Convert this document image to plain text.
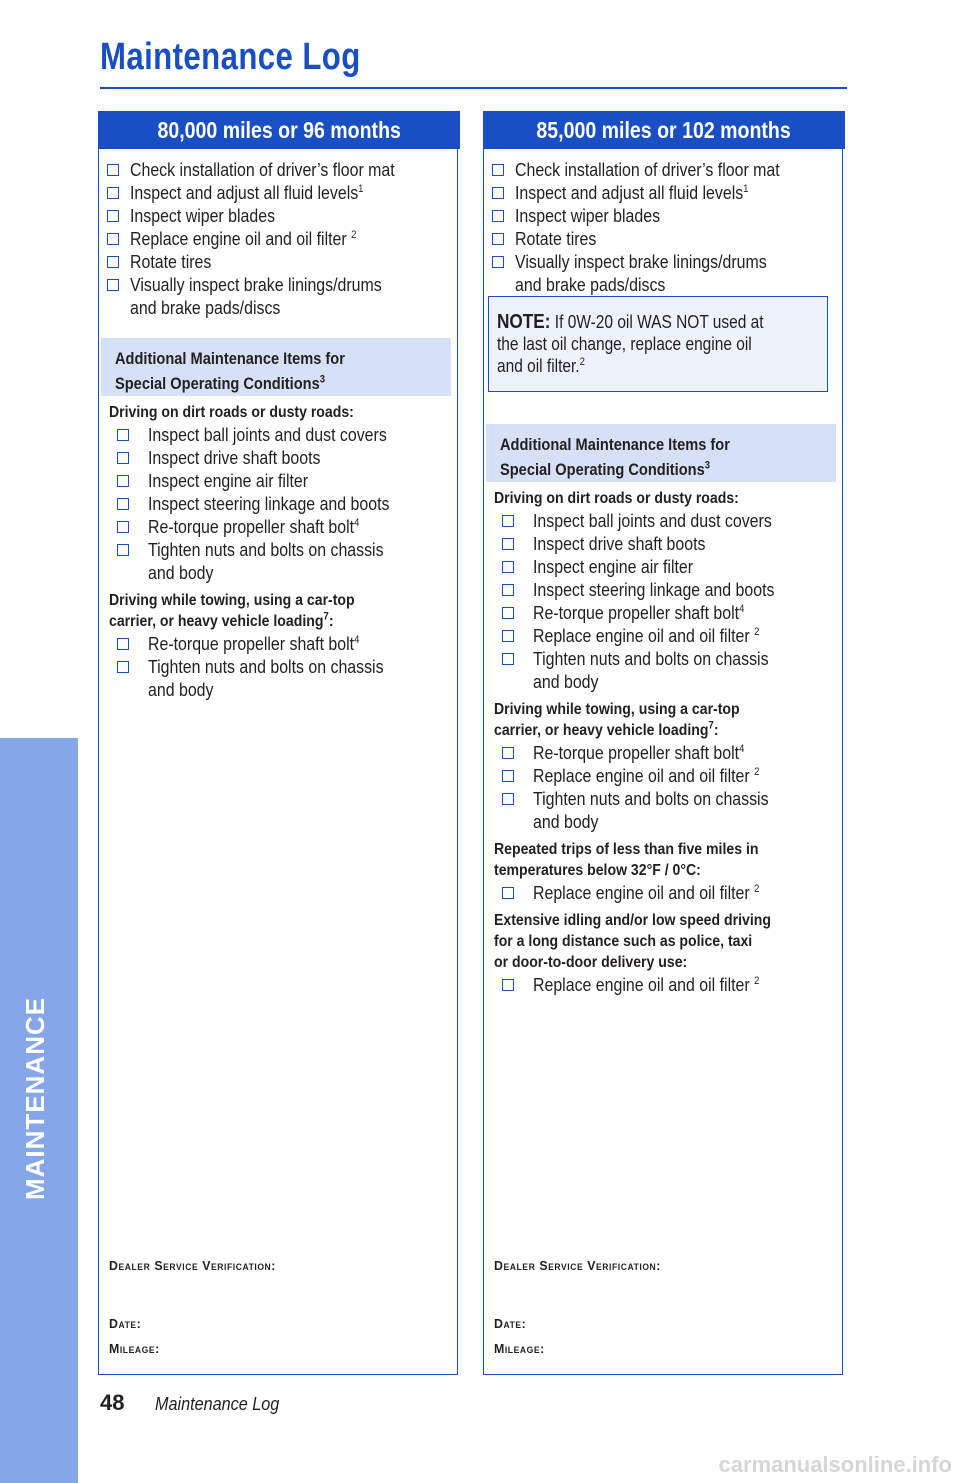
Maintenance Log
MAINTENANCE
80,000 miles or 96 months
Check installation of driver’s floor mat
Inspect and adjust all fluid levels$^1$
Inspect wiper blades
Replace engine oil and oil filter $^2$
Rotate tires
Visually inspect brake linings/drums
and brake pads/discs
Additional Maintenance Items for
Special Operating Conditions$^3$
Driving on dirt roads or dusty roads:
Inspect ball joints and dust covers
Inspect drive shaft boots
Inspect engine air filter
Inspect steering linkage and boots
Re-torque propeller shaft bolt$^4$
Tighten nuts and bolts on chassis
and body
Driving while towing, using a car-top
carrier, or heavy vehicle loading$^7$:
Re-torque propeller shaft bolt$^4$
Tighten nuts and bolts on chassis
and body
Dealer Service Verification:
Date:
Mileage:
85,000 miles or 102 months
Check installation of driver’s floor mat
Inspect and adjust all fluid levels$^1$
Inspect wiper blades
Rotate tires
Visually inspect brake linings/drums
and brake pads/discs
NOTE: If 0W-20 oil WAS NOT used at
the last oil change, replace engine oil
and oil filter.$^2$
Additional Maintenance Items for
Special Operating Conditions$^3$
Driving on dirt roads or dusty roads:
Inspect ball joints and dust covers
Inspect drive shaft boots
Inspect engine air filter
Inspect steering linkage and boots
Re-torque propeller shaft bolt$^4$
Replace engine oil and oil filter $^2$
Tighten nuts and bolts on chassis
and body
Driving while towing, using a car-top
carrier, or heavy vehicle loading$^7$:
Re-torque propeller shaft bolt$^4$
Replace engine oil and oil filter $^2$
Tighten nuts and bolts on chassis
and body
Repeated trips of less than five miles in
temperatures below 32°F / 0°C:
Replace engine oil and oil filter $^2$
Extensive idling and/or low speed driving
for a long distance such as police, taxi
or door-to-door delivery use:
Replace engine oil and oil filter $^2$
Dealer Service Verification:
Date:
Mileage:
48 Maintenance Log
carmanualsonline.info
